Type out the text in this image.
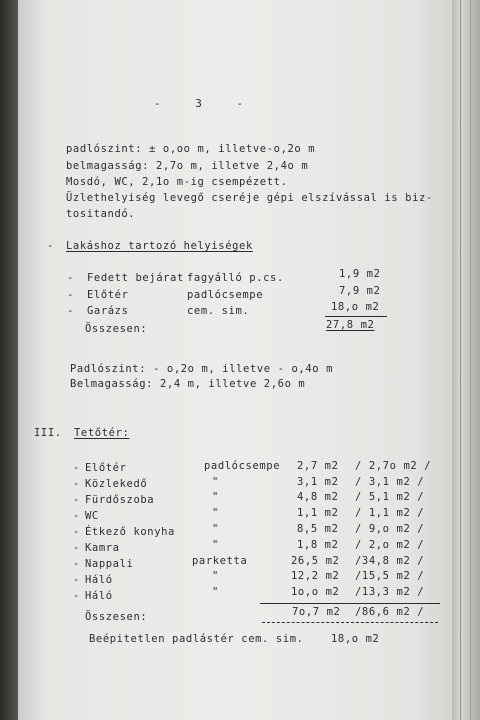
- 3 -
padlószint: ± o,oo m, illetve-o,2o m
belmagasság: 2,7o m, illetve 2,4o m
Mosdó, WC, 2,1o m-ig csempézett.
Üzlethelyiség levegő cseréje gépi elszívással is biz-
tositandó.
- Lakáshoz tartozó helyiségek
- Fedett bejárat fagyálló p.cs.	1,9 m2
- Előtér	padlócsempe	7,9 m2
- Garázs	cem. sim.	18,o m2
Összesen:	27,8 m2
Padlószint: - o,2o m, illetve - o,4o m
Belmagasság: 2,4 m, illetve 2,6o m
III. Tetőtér:
- Előtér	padlócsempe 2,7 m2 / 2,7o m2 /
- Közlekedő	"	3,1 m2 / 3,1 m2 /
- Fürdőszoba	"	4,8 m2 / 5,1 m2 /
- WC	"	1,1 m2 / 1,1 m2 /
- Étkező konyha	"	8,5 m2 / 9,o m2 /
- Kamra	"	1,8 m2 / 2,o m2 /
- Nappali	parketta	26,5 m2 /34,8 m2 /
- Háló	"	12,2 m2 /15,5 m2 /
- Háló	"	1o,o m2 /13,3 m2 /
Összesen:	7o,7 m2 /86,6 m2 /
Beépitetlen padlástér cem. sim.	18,o m2
